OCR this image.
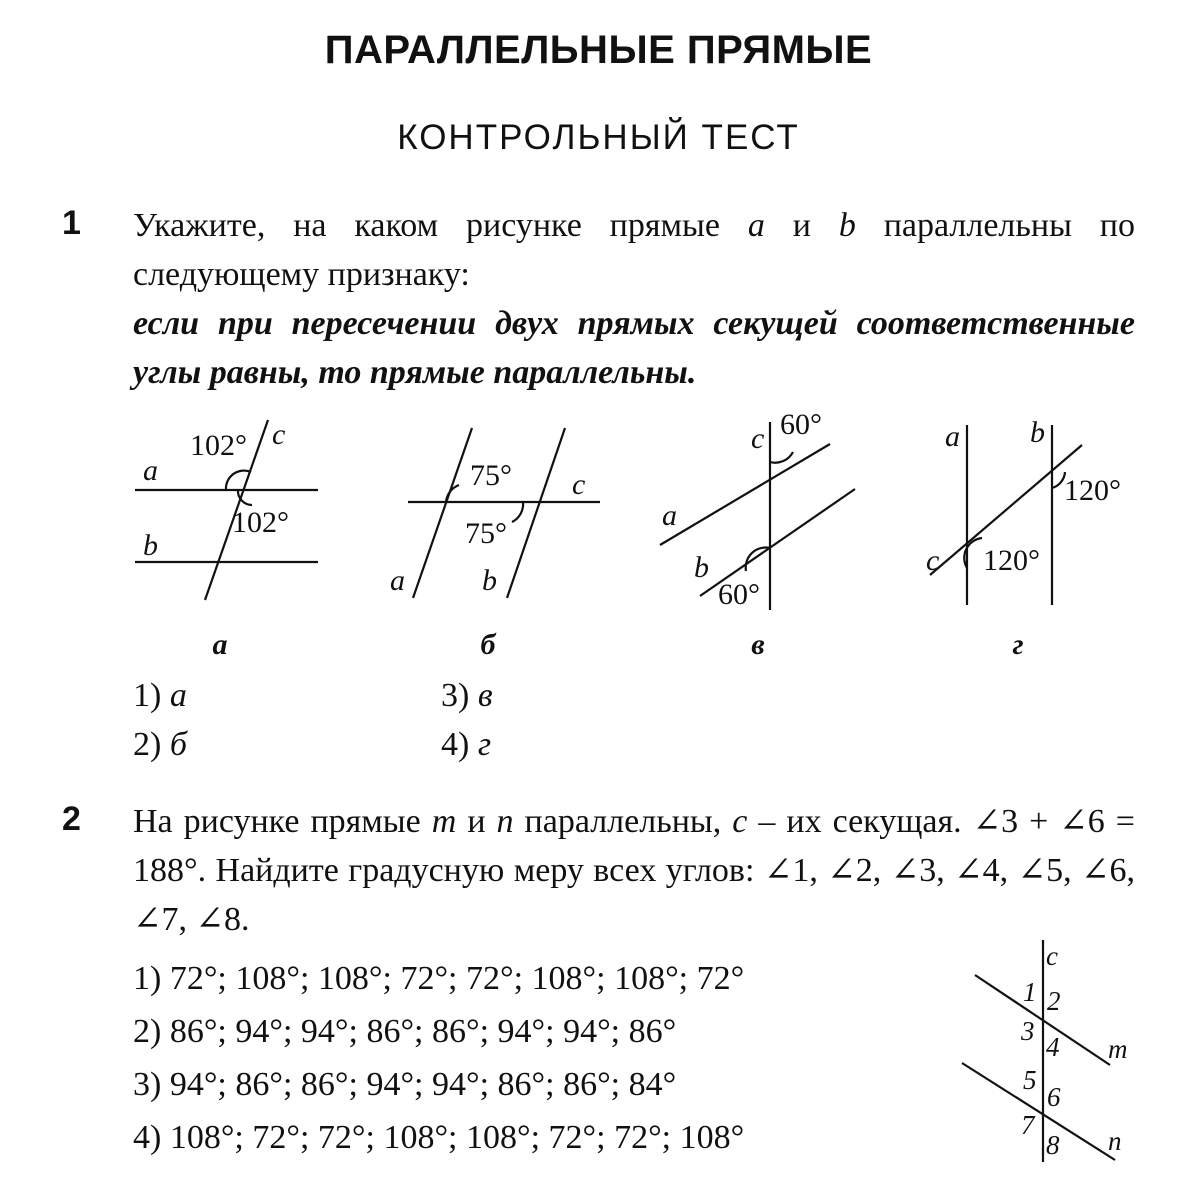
ПАРАЛЛЕЛЬНЫЕ ПРЯМЫЕ
КОНТРОЛЬНЫЙ ТЕСТ
1 Укажите, на каком рисунке прямые a и b параллельны по следующему признаку:
если при пересечении двух прямых секущей соответственные углы равны, то прямые параллельны.
102° c
a
102°
b
75° c
75°
a	b
c 60°
a
b
60°
a b
120°
c 120°
а	б	в	г
1) а
2) б
3) в
4) г
2 На рисунке прямые m и n параллельны, c – их секущая. ∠3 + ∠6 = 188°. Найдите градусную меру всех углов: ∠1, ∠2, ∠3, ∠4, ∠5, ∠6, ∠7, ∠8.
1) 72°; 108°; 108°; 72°; 72°; 108°; 108°; 72°
2) 86°; 94°; 94°; 86°; 86°; 94°; 94°; 86°
3) 94°; 86°; 86°; 94°; 94°; 86°; 86°; 84°
4) 108°; 72°; 72°; 108°; 108°; 72°; 72°; 108°
c
m
n
1 2
3
4
5
6
7
8
